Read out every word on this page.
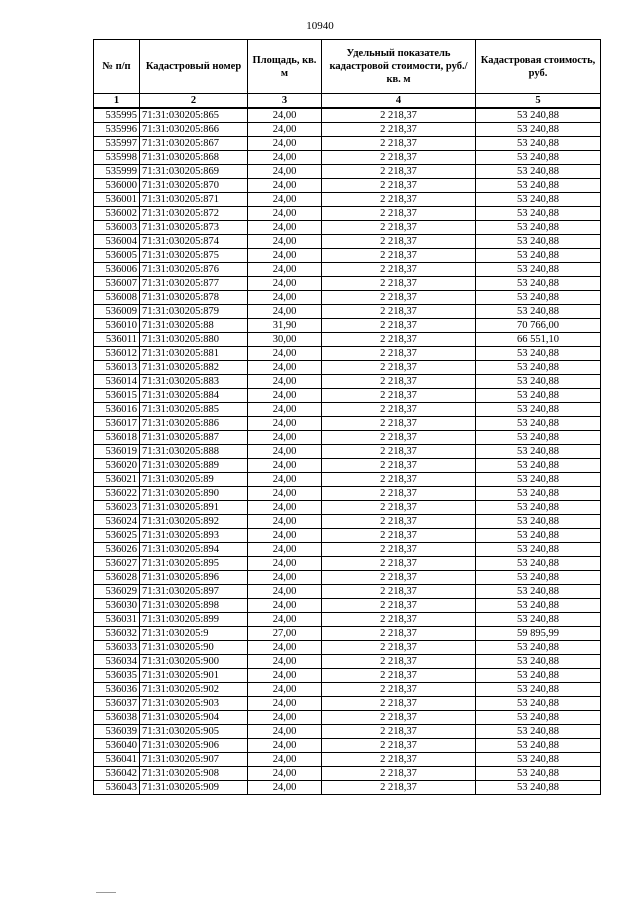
10940
№ п/п	Кадастровый номер	Площадь, кв. м	Удельный показатель кадастровой стоимости, руб./кв. м	Кадастровая стоимость, руб.
1	2	3	4	5
535995	71:31:030205:865	24,00	2 218,37	53 240,88
535996	71:31:030205:866	24,00	2 218,37	53 240,88
535997	71:31:030205:867	24,00	2 218,37	53 240,88
535998	71:31:030205:868	24,00	2 218,37	53 240,88
535999	71:31:030205:869	24,00	2 218,37	53 240,88
536000	71:31:030205:870	24,00	2 218,37	53 240,88
536001	71:31:030205:871	24,00	2 218,37	53 240,88
536002	71:31:030205:872	24,00	2 218,37	53 240,88
536003	71:31:030205:873	24,00	2 218,37	53 240,88
536004	71:31:030205:874	24,00	2 218,37	53 240,88
536005	71:31:030205:875	24,00	2 218,37	53 240,88
536006	71:31:030205:876	24,00	2 218,37	53 240,88
536007	71:31:030205:877	24,00	2 218,37	53 240,88
536008	71:31:030205:878	24,00	2 218,37	53 240,88
536009	71:31:030205:879	24,00	2 218,37	53 240,88
536010	71:31:030205:88	31,90	2 218,37	70 766,00
536011	71:31:030205:880	30,00	2 218,37	66 551,10
536012	71:31:030205:881	24,00	2 218,37	53 240,88
536013	71:31:030205:882	24,00	2 218,37	53 240,88
536014	71:31:030205:883	24,00	2 218,37	53 240,88
536015	71:31:030205:884	24,00	2 218,37	53 240,88
536016	71:31:030205:885	24,00	2 218,37	53 240,88
536017	71:31:030205:886	24,00	2 218,37	53 240,88
536018	71:31:030205:887	24,00	2 218,37	53 240,88
536019	71:31:030205:888	24,00	2 218,37	53 240,88
536020	71:31:030205:889	24,00	2 218,37	53 240,88
536021	71:31:030205:89	24,00	2 218,37	53 240,88
536022	71:31:030205:890	24,00	2 218,37	53 240,88
536023	71:31:030205:891	24,00	2 218,37	53 240,88
536024	71:31:030205:892	24,00	2 218,37	53 240,88
536025	71:31:030205:893	24,00	2 218,37	53 240,88
536026	71:31:030205:894	24,00	2 218,37	53 240,88
536027	71:31:030205:895	24,00	2 218,37	53 240,88
536028	71:31:030205:896	24,00	2 218,37	53 240,88
536029	71:31:030205:897	24,00	2 218,37	53 240,88
536030	71:31:030205:898	24,00	2 218,37	53 240,88
536031	71:31:030205:899	24,00	2 218,37	53 240,88
536032	71:31:030205:9	27,00	2 218,37	59 895,99
536033	71:31:030205:90	24,00	2 218,37	53 240,88
536034	71:31:030205:900	24,00	2 218,37	53 240,88
536035	71:31:030205:901	24,00	2 218,37	53 240,88
536036	71:31:030205:902	24,00	2 218,37	53 240,88
536037	71:31:030205:903	24,00	2 218,37	53 240,88
536038	71:31:030205:904	24,00	2 218,37	53 240,88
536039	71:31:030205:905	24,00	2 218,37	53 240,88
536040	71:31:030205:906	24,00	2 218,37	53 240,88
536041	71:31:030205:907	24,00	2 218,37	53 240,88
536042	71:31:030205:908	24,00	2 218,37	53 240,88
536043	71:31:030205:909	24,00	2 218,37	53 240,88
